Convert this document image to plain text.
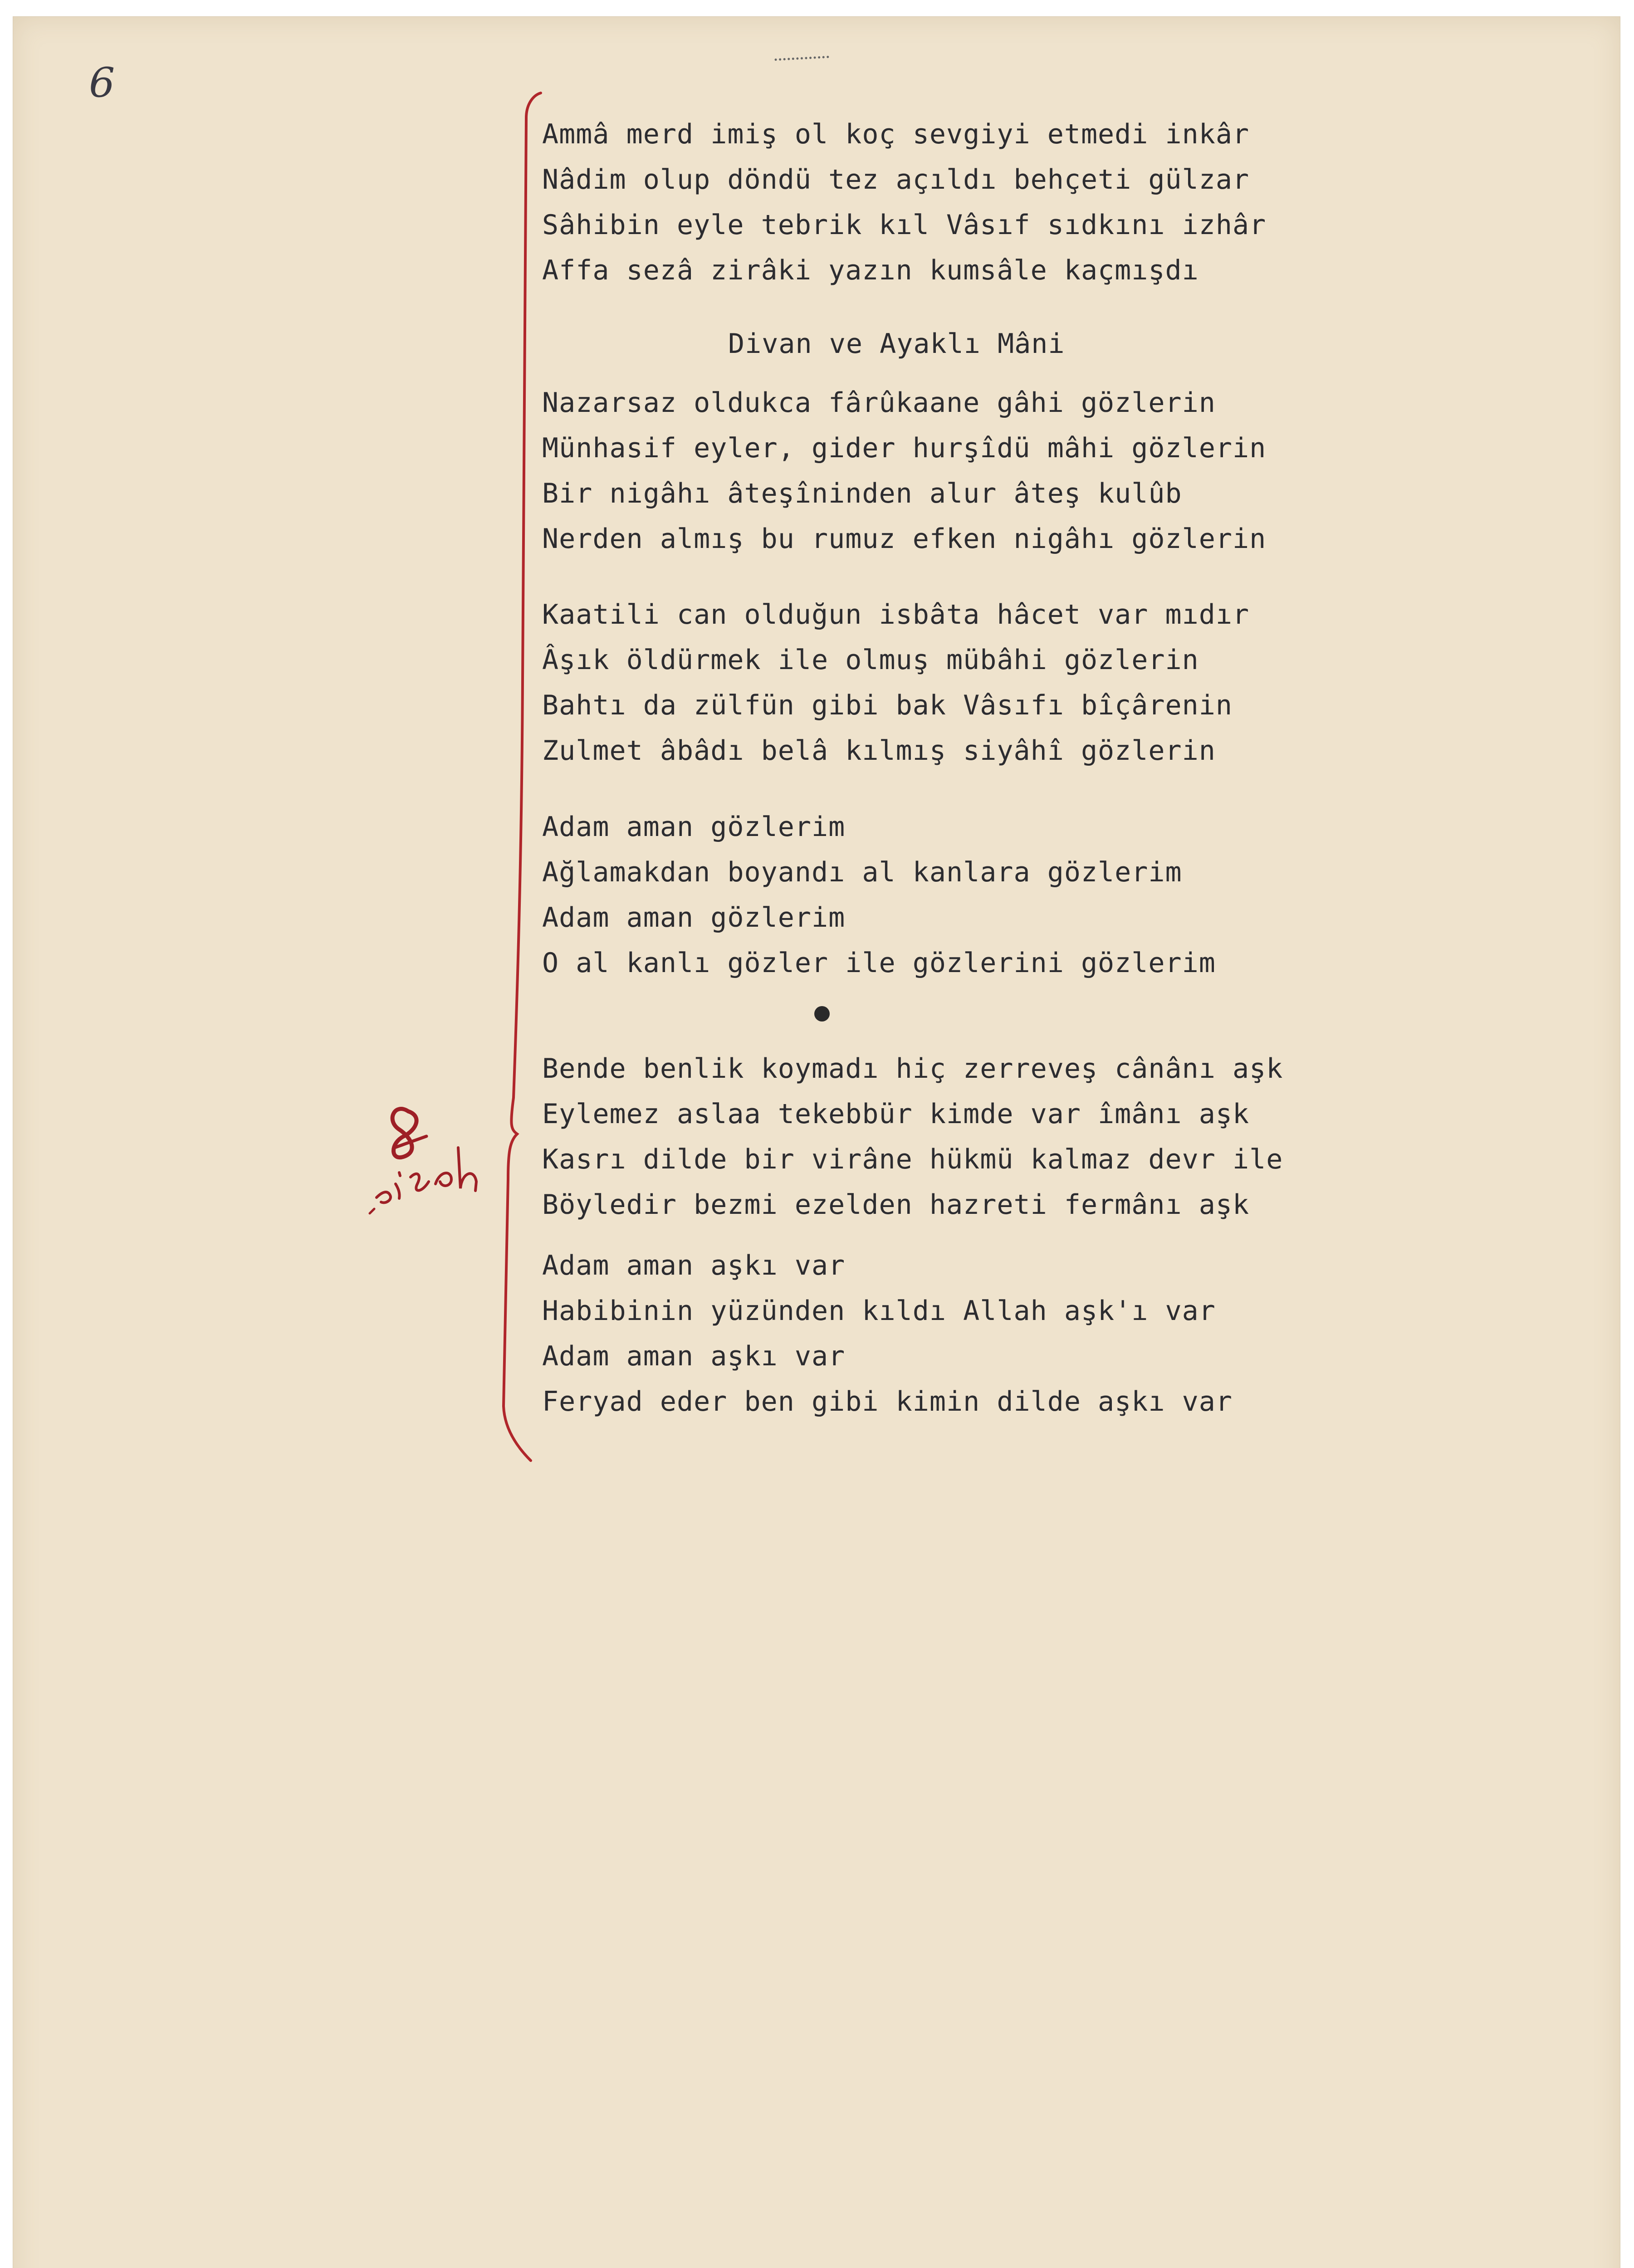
6
Ammâ merd imiş ol koç sevgiyi etmedi inkâr
Nâdim olup döndü tez açıldı behçeti gülzar
Sâhibin eyle tebrik kıl Vâsıf sıdkını izhâr
Affa sezâ zirâki yazın kumsâle kaçmışdı
Divan ve Ayaklı Mâni
Nazarsaz oldukca fârûkaane gâhi gözlerin
Münhasif eyler, gider hurşîdü mâhi gözlerin
Bir nigâhı âteşîninden alur âteş kulûb
Nerden almış bu rumuz efken nigâhı gözlerin
Kaatili can olduğun isbâta hâcet var mıdır
Âşık öldürmek ile olmuş mübâhi gözlerin
Bahtı da zülfün gibi bak Vâsıfı bîçârenin
Zulmet âbâdı belâ kılmış siyâhî gözlerin
Adam aman gözlerim
Ağlamakdan boyandı al kanlara gözlerim
Adam aman gözlerim
O al kanlı gözler ile gözlerini gözlerim
Bende benlik koymadı hiç zerreveş cânânı aşk
Eylemez aslaa tekebbür kimde var îmânı aşk
Kasrı dilde bir virâne hükmü kalmaz devr ile
Böyledir bezmi ezelden hazreti fermânı aşk
Adam aman aşkı var
Habibinin yüzünden kıldı Allah aşk'ı var
Adam aman aşkı var
Feryad eder ben gibi kimin dilde aşkı var
